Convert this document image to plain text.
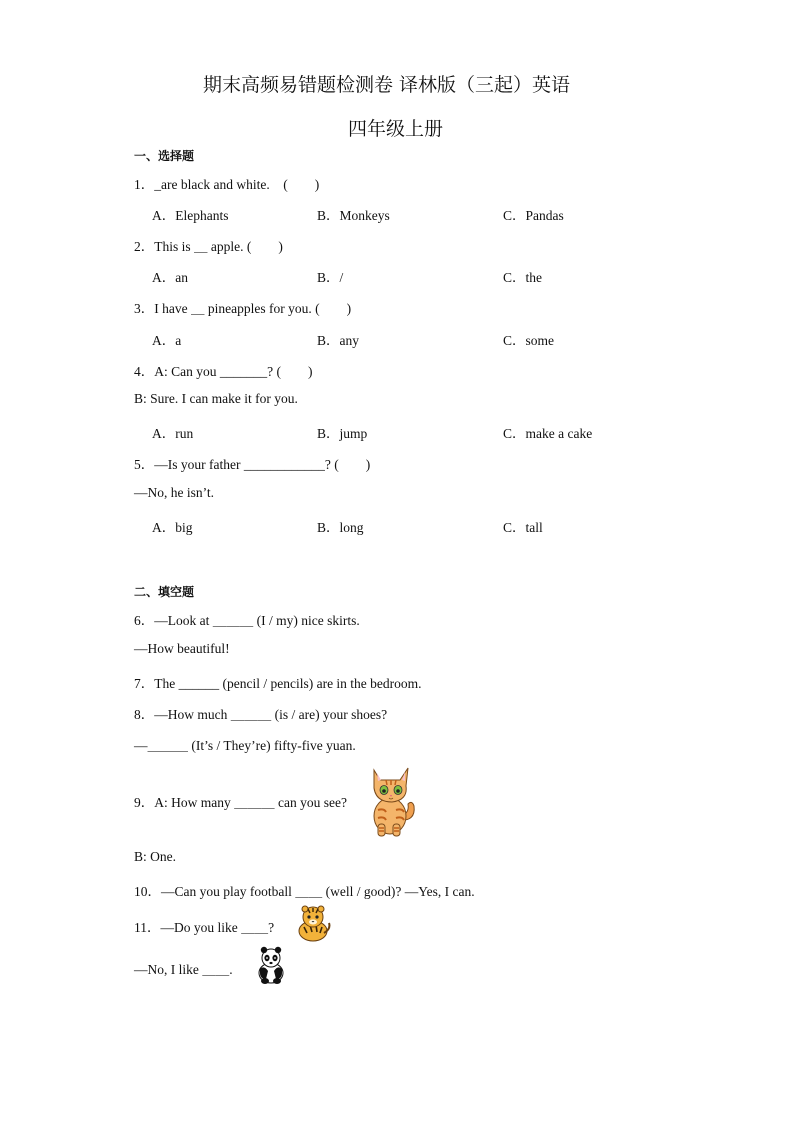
期末高频易错题检测卷 译林版（三起）英语
四年级上册
一、选择题
1．_are black and white.　(　　)
A．Elephants	B．Monkeys	C．Pandas
2．This is ＿ apple. (　　)
A．an	B．/	C．the
3．I have ＿ pineapples for you. (　　)
A．a	B．any	C．some
4．A: Can you _______? (　　)
B: Sure. I can make it for you.
A．run	B．jump	C．make a cake
5．—Is your father ____________? (　　)
—No, he isn’t.
A．big	B．long	C．tall
二、填空题
6．—Look at ＿＿＿ (I / my) nice skirts.
—How beautiful!
7．The ______ (pencil / pencils) are in the bedroom.
8．—How much ＿＿＿ (is / are) your shoes?
—＿＿＿ (It’s / They’re) fifty-five yuan.
9．A: How many ＿＿＿ can you see?
B: One.
10．—Can you play football ＿＿ (well / good)? —Yes, I can.
11．—Do you like ＿＿?
—No, I like ＿＿.
